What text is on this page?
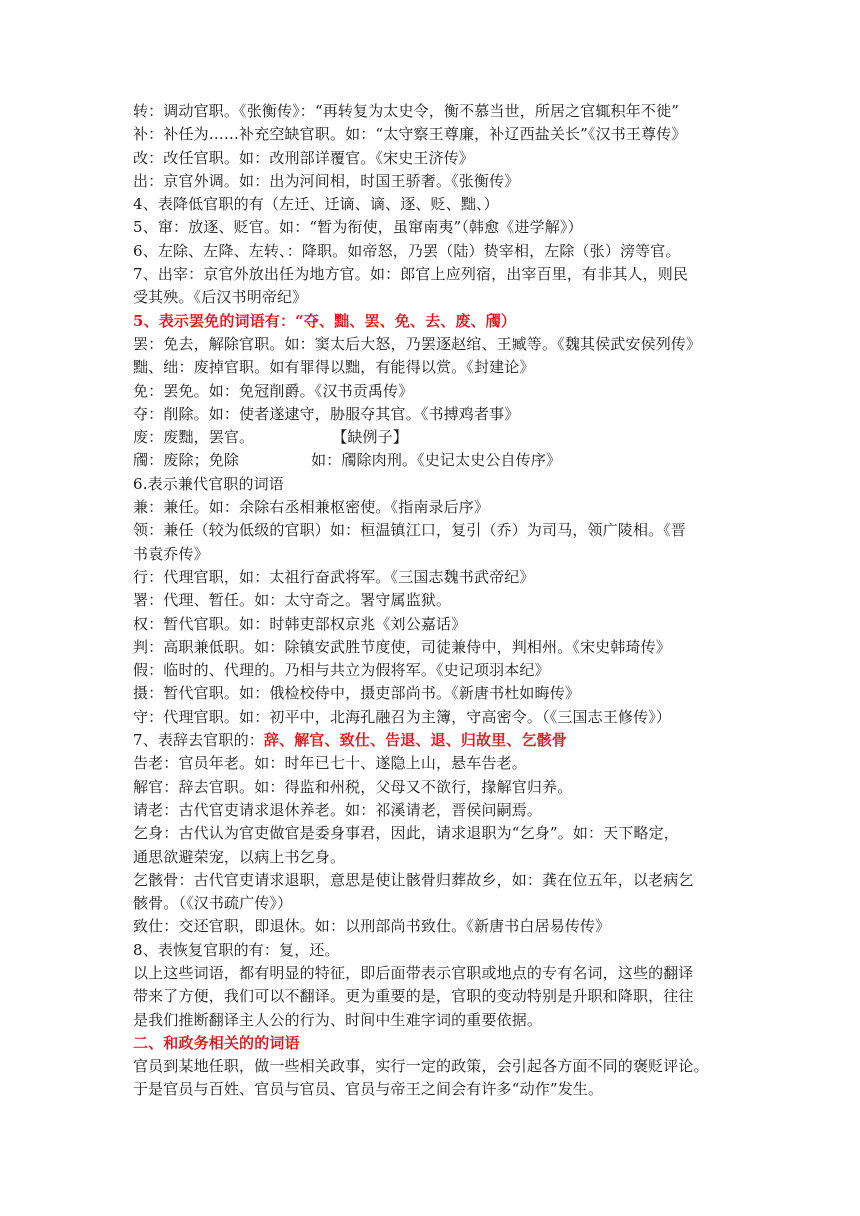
转：调动官职。《张衡传》：“再转复为太史令，衡不慕当世，所居之官辄积年不徙”
补：补任为……补充空缺官职。如：“太守察王尊廉，补辽西盐关长”《汉书王尊传》
改：改任官职。如：改刑部详覆官。《宋史王济传》
出：京官外调。如：出为河间相，时国王骄奢。《张衡传》
4、表降低官职的有（左迁、迁谪、谪、逐、贬、黜、）
5、窜：放逐、贬官。如：“暂为衔使，虽窜南夷”（韩愈《进学解》）
6、左除、左降、左转、：降职。如帝怒，乃罢（陆）贽宰相，左除（张）滂等官。
7、出宰：京官外放出任为地方官。如：郎官上应列宿，出宰百里，有非其人，则民
受其殃。《后汉书明帝纪》
5、表示罢免的词语有：“夺、黜、罢、免、去、废、斶）
罢：免去，解除官职。如：窦太后大怒，乃罢逐赵绾、王臧等。《魏其侯武安侯列传》
黜、绌：废掉官职。如有罪得以黜，有能得以赏。《封建论》
免：罢免。如：免冠削爵。《汉书贡禹传》
夺：削除。如：使者遂逮守，胁服夺其官。《书搏鸡者事》
废：废黜，罢官。	【缺例子】
斶：废除；免除	如：斶除肉刑。《史记太史公自传序》
6.表示兼代官职的词语
兼：兼任。如：余除右丞相兼枢密使。《指南录后序》
领：兼任（较为低级的官职）如：桓温镇江口，复引（乔）为司马，领广陵相。《晋
书袁乔传》
行：代理官职，如：太祖行奋武将军。《三国志魏书武帝纪》
署：代理、暂任。如：太守奇之。署守属监狱。
权：暂代官职。如：时韩吏部权京兆《刘公嘉话》
判：高职兼低职。如：除镇安武胜节度使，司徒兼侍中，判相州。《宋史韩琦传》
假：临时的、代理的。乃相与共立为假将军。《史记项羽本纪》
摄：暂代官职。如：俄检校侍中，摄吏部尚书。《新唐书杜如晦传》
守：代理官职。如：初平中，北海孔融召为主簿，守高密令。（《三国志王修传》）
7、表辞去官职的：辞、解官、致仕、告退、退、归故里、乞骸骨
告老：官员年老。如：时年已七十、遂隐上山，悬车告老。
解官：辞去官职。如：得监和州税，父母又不欲行，掾解官归养。
请老：古代官吏请求退休养老。如：祁溪请老，晋侯问嗣焉。
乞身：古代认为官吏做官是委身事君，因此，请求退职为“乞身”。如：天下略定，
通思欲避荣宠，以病上书乞身。
乞骸骨：古代官吏请求退职，意思是使让骸骨归葬故乡，如：龚在位五年，以老病乞
骸骨。（《汉书疏广传》）
致仕：交还官职，即退休。如：以刑部尚书致仕。《新唐书白居易传传》
8、表恢复官职的有：复，还。
以上这些词语，都有明显的特征，即后面带表示官职或地点的专有名词，这些的翻译
带来了方便，我们可以不翻译。更为重要的是，官职的变动特别是升职和降职，往往
是我们推断翻译主人公的行为、时间中生难字词的重要依据。
二、和政务相关的的词语
官员到某地任职，做一些相关政事，实行一定的政策，会引起各方面不同的褒贬评论。
于是官员与百姓、官员与官员、官员与帝王之间会有许多“动作”发生。
